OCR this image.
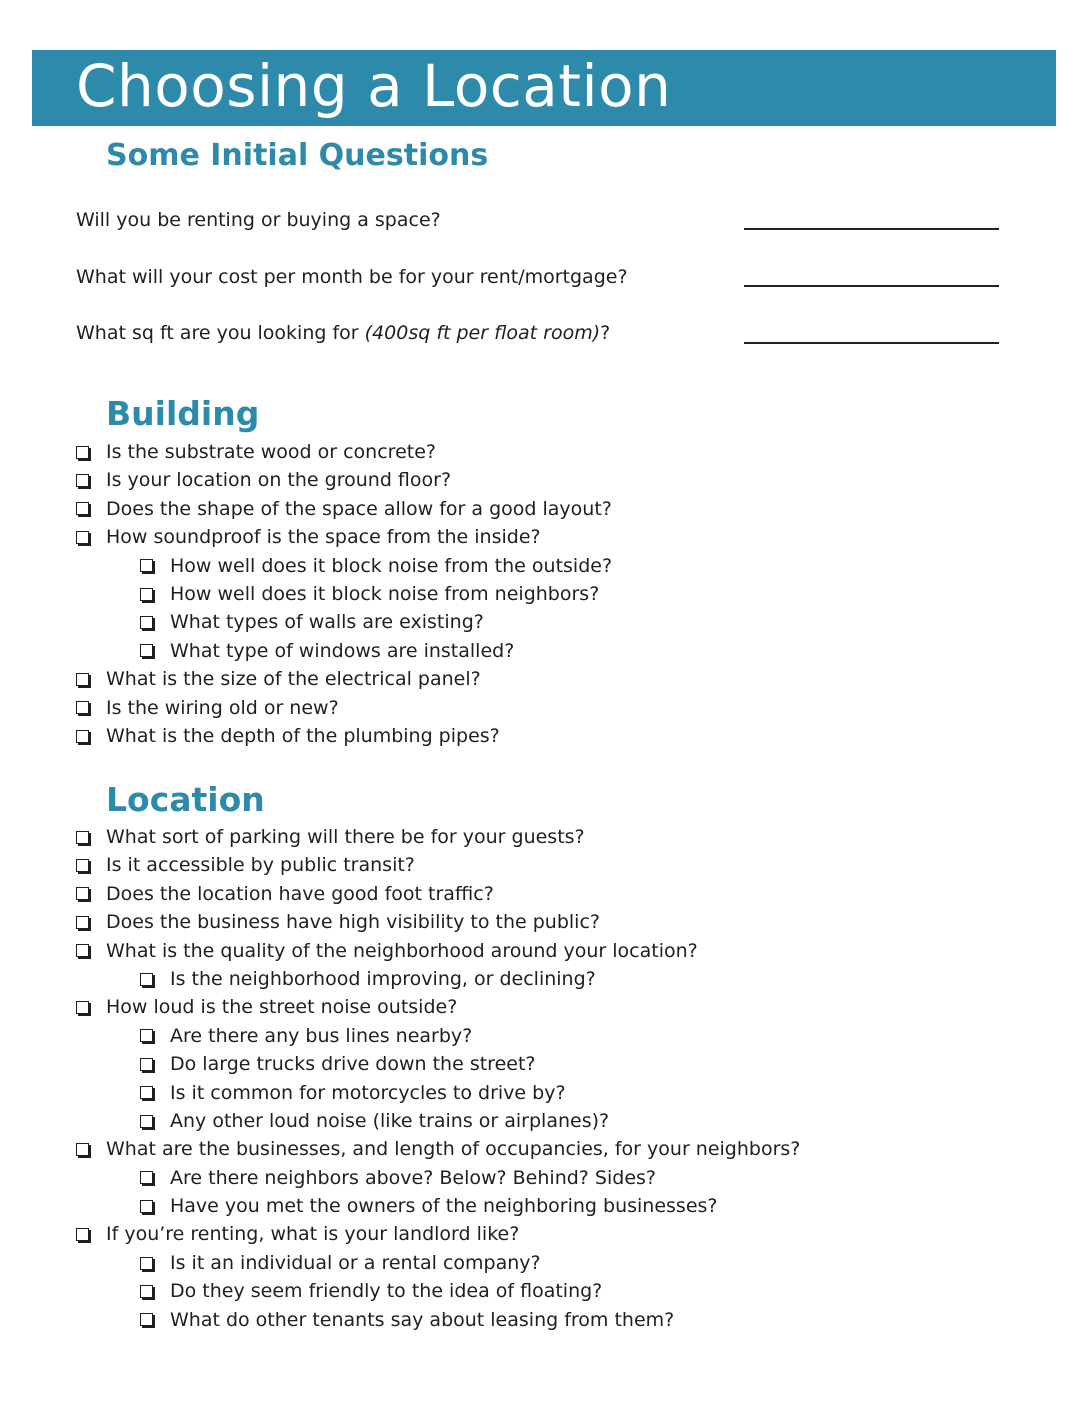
Choosing a Location
Some Initial Questions
Will you be renting or buying a space?
What will your cost per month be for your rent/mortgage?
What sq ft are you looking for (400sq ft per float room)?
Building
Is the substrate wood or concrete?
Is your location on the ground floor?
Does the shape of the space allow for a good layout?
How soundproof is the space from the inside?
How well does it block noise from the outside?
How well does it block noise from neighbors?
What types of walls are existing?
What type of windows are installed?
What is the size of the electrical panel?
Is the wiring old or new?
What is the depth of the plumbing pipes?
Location
What sort of parking will there be for your guests?
Is it accessible by public transit?
Does the location have good foot traffic?
Does the business have high visibility to the public?
What is the quality of the neighborhood around your location?
Is the neighborhood improving, or declining?
How loud is the street noise outside?
Are there any bus lines nearby?
Do large trucks drive down the street?
Is it common for motorcycles to drive by?
Any other loud noise (like trains or airplanes)?
What are the businesses, and length of occupancies, for your neighbors?
Are there neighbors above? Below? Behind? Sides?
Have you met the owners of the neighboring businesses?
If you’re renting, what is your landlord like?
Is it an individual or a rental company?
Do they seem friendly to the idea of floating?
What do other tenants say about leasing from them?
